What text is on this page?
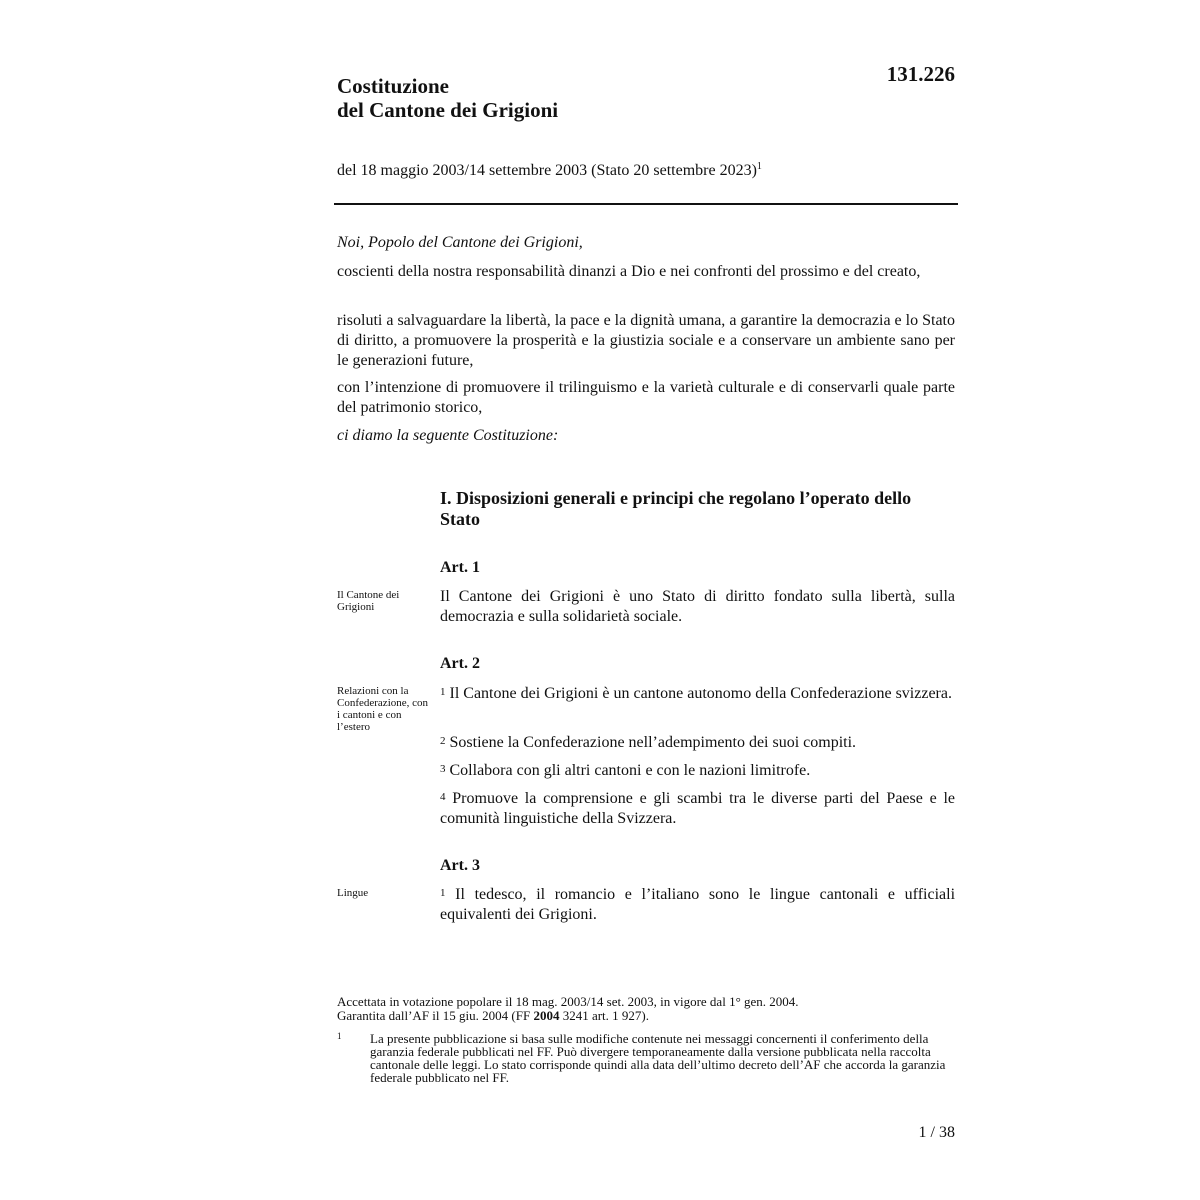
Costituzione
del Cantone dei Grigioni
131.226
del 18 maggio 2003/14 settembre 2003 (Stato 20 settembre 2023)$^1$
Noi, Popolo del Cantone dei Grigioni,
coscienti della nostra responsabilità dinanzi a Dio e nei confronti del prossimo e del creato,
risoluti a salvaguardare la libertà, la pace e la dignità umana, a garantire la democrazia e lo Stato di diritto, a promuovere la prosperità e la giustizia sociale e a conservare un ambiente sano per le generazioni future,
con l’intenzione di promuovere il trilinguismo e la varietà culturale e di conservarli quale parte del patrimonio storico,
ci diamo la seguente Costituzione:
I. Disposizioni generali e principi che regolano l’operato dello Stato
Art. 1
Il Cantone dei Grigioni
Il Cantone dei Grigioni è uno Stato di diritto fondato sulla libertà, sulla democrazia e sulla solidarietà sociale.
Art. 2
Relazioni con la Confederazione, con i cantoni e con l’estero
$^1$ Il Cantone dei Grigioni è un cantone autonomo della Confederazione svizzera.
$^2$ Sostiene la Confederazione nell’adempimento dei suoi compiti.
$^3$ Collabora con gli altri cantoni e con le nazioni limitrofe.
$^4$ Promuove la comprensione e gli scambi tra le diverse parti del Paese e le comunità linguistiche della Svizzera.
Art. 3
Lingue	$^1$ Il tedesco, il romancio e l’italiano sono le lingue cantonali e ufficiali equivalenti dei Grigioni.
Accettata in votazione popolare il 18 mag. 2003/14 set. 2003, in vigore dal 1° gen. 2004.
Garantita dall’AF il 15 giu. 2004 (FF 2004 3241 art. 1 927).
1 La presente pubblicazione si basa sulle modifiche contenute nei messaggi concernenti il conferimento della garanzia federale pubblicati nel FF. Può divergere temporaneamente dalla versione pubblicata nella raccolta cantonale delle leggi. Lo stato corrisponde quindi alla data dell’ultimo decreto dell’AF che accorda la garanzia federale pubblicato nel FF.
1 / 38
